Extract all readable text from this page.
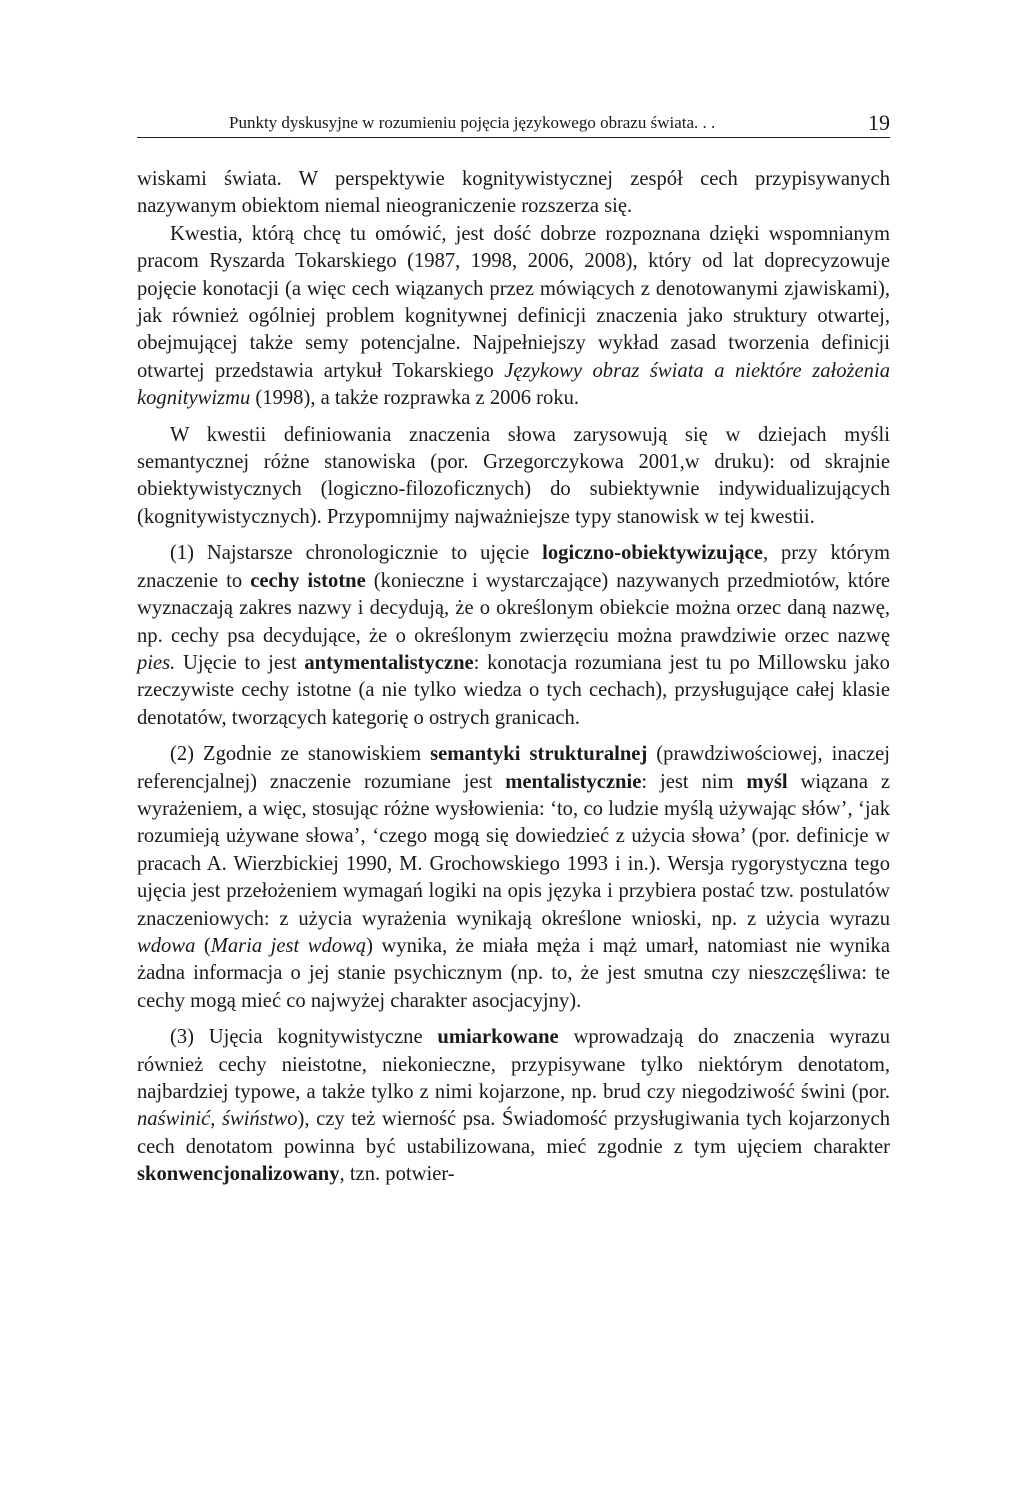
Punkty dyskusyjne w rozumieniu pojęcia językowego obrazu świata. . .	19

wiskami świata. W perspektywie kognitywistycznej zespół cech przypisywanych nazywanym obiektom niemal nieograniczenie rozszerza się.

Kwestia, którą chcę tu omówić, jest dość dobrze rozpoznana dzięki wspomnianym pracom Ryszarda Tokarskiego (1987, 1998, 2006, 2008), który od lat doprecyzowuje pojęcie konotacji (a więc cech wiązanych przez mówiących z denotowanymi zjawiskami), jak również ogólniej problem kognitywnej definicji znaczenia jako struktury otwartej, obejmującej także semy potencjalne. Najpełniejszy wykład zasad tworzenia definicji otwartej przedstawia artykuł Tokarskiego Językowy obraz świata a niektóre założenia kognitywizmu (1998), a także rozprawka z 2006 roku.

W kwestii definiowania znaczenia słowa zarysowują się w dziejach myśli semantycznej różne stanowiska (por. Grzegorczykowa 2001,w druku): od skrajnie obiektywistycznych (logiczno-filozoficznych) do subiektywnie indywidualizujących (kognitywistycznych). Przypomnijmy najważniejsze typy stanowisk w tej kwestii.

(1) Najstarsze chronologicznie to ujęcie logiczno-obiektywizujące, przy którym znaczenie to cechy istotne (konieczne i wystarczające) nazywanych przedmiotów, które wyznaczają zakres nazwy i decydują, że o określonym obiekcie można orzec daną nazwę, np. cechy psa decydujące, że o określonym zwierzęciu można prawdziwie orzec nazwę pies. Ujęcie to jest antymentalistyczne: konotacja rozumiana jest tu po Millowsku jako rzeczywiste cechy istotne (a nie tylko wiedza o tych cechach), przysługujące całej klasie denotatów, tworzących kategorię o ostrych granicach.

(2) Zgodnie ze stanowiskiem semantyki strukturalnej (prawdziwościowej, inaczej referencjalnej) znaczenie rozumiane jest mentalistycznie: jest nim myśl wiązana z wyrażeniem, a więc, stosując różne wysłowienia: ‘to, co ludzie myślą używając słów’, ‘jak rozumieją używane słowa’, ‘czego mogą się dowiedzieć z użycia słowa’ (por. definicje w pracach A. Wierzbickiej 1990, M. Grochowskiego 1993 i in.). Wersja rygorystyczna tego ujęcia jest przełożeniem wymagań logiki na opis języka i przybiera postać tzw. postulatów znaczeniowych: z użycia wyrażenia wynikają określone wnioski, np. z użycia wyrazu wdowa (Maria jest wdową) wynika, że miała męża i mąż umarł, natomiast nie wynika żadna informacja o jej stanie psychicznym (np. to, że jest smutna czy nieszczęśliwa: te cechy mogą mieć co najwyżej charakter asocjacyjny).

(3) Ujęcia kognitywistyczne umiarkowane wprowadzają do znaczenia wyrazu również cechy nieistotne, niekonieczne, przypisywane tylko niektórym denotatom, najbardziej typowe, a także tylko z nimi kojarzone, np. brud czy niegodziwość świni (por. naświnić, świństwo), czy też wierność psa. Świadomość przysługiwania tych kojarzonych cech denotatom powinna być ustabilizowana, mieć zgodnie z tym ujęciem charakter skonwencjonalizowany, tzn. potwier-
